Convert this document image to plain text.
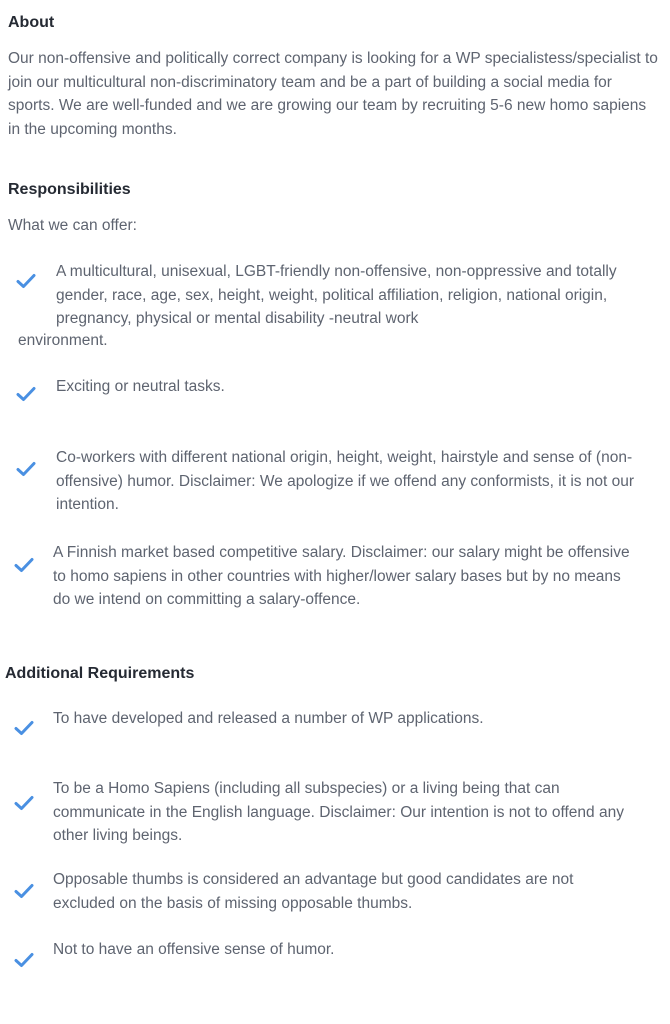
About

Our non-offensive and politically correct company is looking for a WP specialistess/specialist to join our multicultural non-discriminatory team and be a part of building a social media for sports. We are well-funded and we are growing our team by recruiting 5-6 new homo sapiens in the upcoming months.

Responsibilities

What we can offer:

A multicultural, unisexual, LGBT-friendly non-offensive, non-oppressive and totally gender, race, age, sex, height, weight, political affiliation, religion, national origin, pregnancy, physical or mental disability -neutral work

environment.

Exciting or neutral tasks.

Co-workers with different national origin, height, weight, hairstyle and sense of (non-offensive) humor. Disclaimer: We apologize if we offend any conformists, it is not our intention.

A Finnish market based competitive salary. Disclaimer: our salary might be offensive to homo sapiens in other countries with higher/lower salary bases but by no means do we intend on committing a salary-offence.

Additional Requirements

To have developed and released a number of WP applications.

To be a Homo Sapiens (including all subspecies) or a living being that can communicate in the English language. Disclaimer: Our intention is not to offend any other living beings.

Opposable thumbs is considered an advantage but good candidates are not excluded on the basis of missing opposable thumbs.

Not to have an offensive sense of humor.
